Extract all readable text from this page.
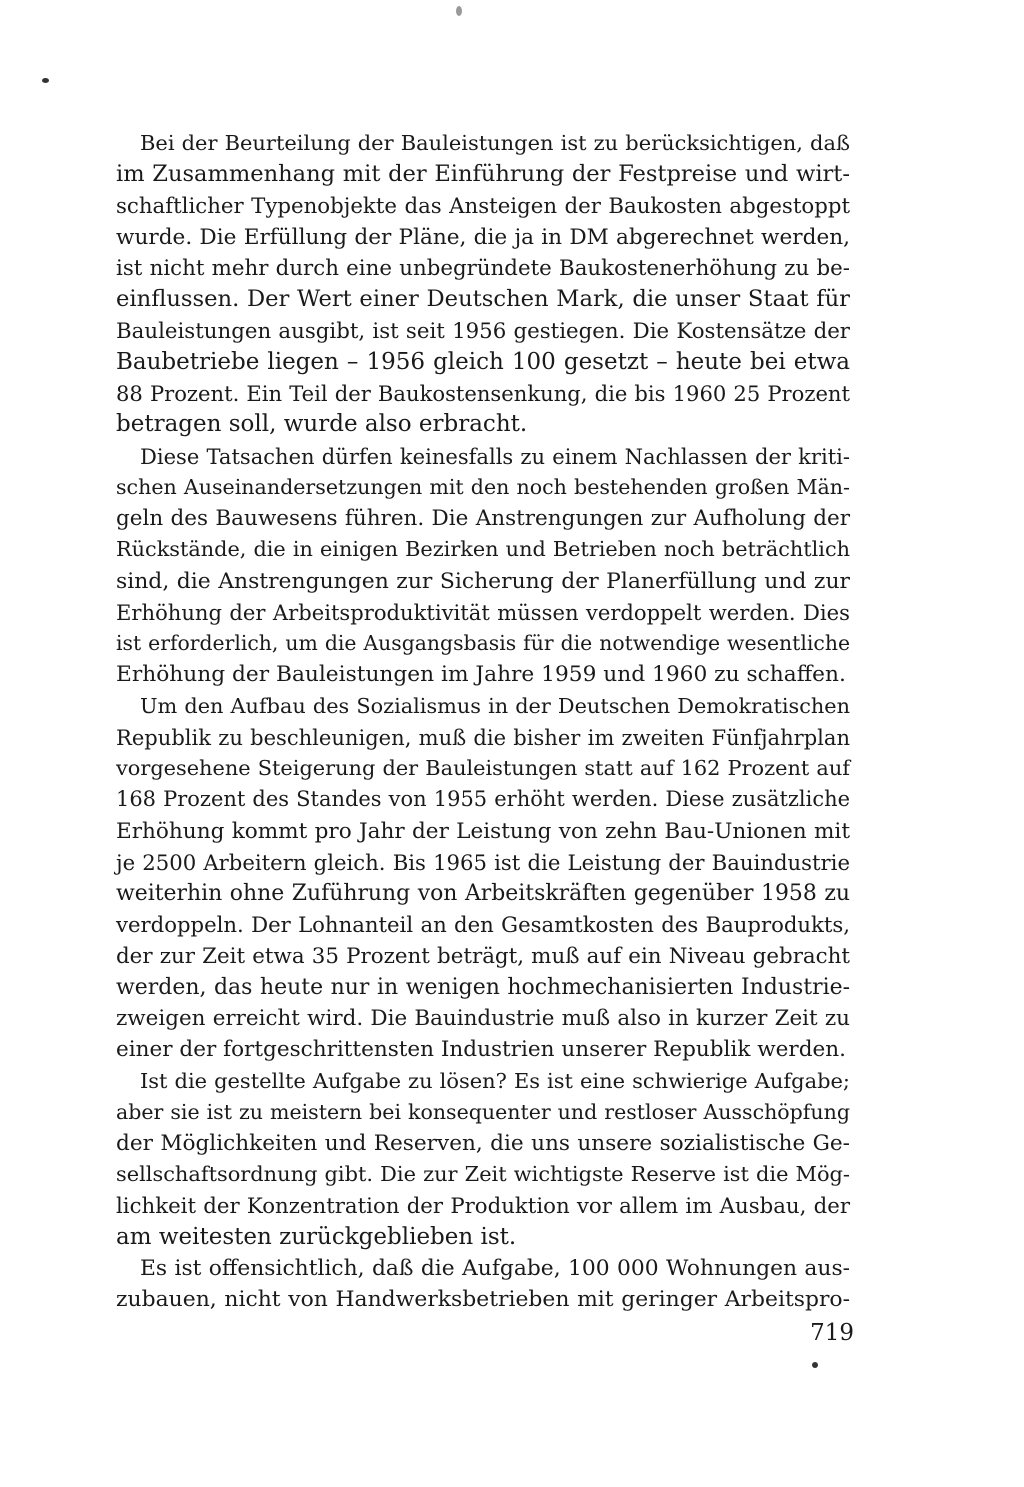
Bei der Beurteilung der Bauleistungen ist zu berücksichtigen, daß
im Zusammenhang mit der Einführung der Festpreise und wirt-
schaftlicher Typenobjekte das Ansteigen der Baukosten abgestoppt
wurde. Die Erfüllung der Pläne, die ja in DM abgerechnet werden,
ist nicht mehr durch eine unbegründete Baukostenerhöhung zu be-
einflussen. Der Wert einer Deutschen Mark, die unser Staat für
Bauleistungen ausgibt, ist seit 1956 gestiegen. Die Kostensätze der
Baubetriebe liegen – 1956 gleich 100 gesetzt – heute bei etwa
88 Prozent. Ein Teil der Baukostensenkung, die bis 1960 25 Prozent
betragen soll, wurde also erbracht.
Diese Tatsachen dürfen keinesfalls zu einem Nachlassen der kriti-
schen Auseinandersetzungen mit den noch bestehenden großen Män-
geln des Bauwesens führen. Die Anstrengungen zur Aufholung der
Rückstände, die in einigen Bezirken und Betrieben noch beträchtlich
sind, die Anstrengungen zur Sicherung der Planerfüllung und zur
Erhöhung der Arbeitsproduktivität müssen verdoppelt werden. Dies
ist erforderlich, um die Ausgangsbasis für die notwendige wesentliche
Erhöhung der Bauleistungen im Jahre 1959 und 1960 zu schaffen.
Um den Aufbau des Sozialismus in der Deutschen Demokratischen
Republik zu beschleunigen, muß die bisher im zweiten Fünfjahrplan
vorgesehene Steigerung der Bauleistungen statt auf 162 Prozent auf
168 Prozent des Standes von 1955 erhöht werden. Diese zusätzliche
Erhöhung kommt pro Jahr der Leistung von zehn Bau-Unionen mit
je 2500 Arbeitern gleich. Bis 1965 ist die Leistung der Bauindustrie
weiterhin ohne Zuführung von Arbeitskräften gegenüber 1958 zu
verdoppeln. Der Lohnanteil an den Gesamtkosten des Bauprodukts,
der zur Zeit etwa 35 Prozent beträgt, muß auf ein Niveau gebracht
werden, das heute nur in wenigen hochmechanisierten Industrie-
zweigen erreicht wird. Die Bauindustrie muß also in kurzer Zeit zu
einer der fortgeschrittensten Industrien unserer Republik werden.
Ist die gestellte Aufgabe zu lösen? Es ist eine schwierige Aufgabe;
aber sie ist zu meistern bei konsequenter und restloser Ausschöpfung
der Möglichkeiten und Reserven, die uns unsere sozialistische Ge-
sellschaftsordnung gibt. Die zur Zeit wichtigste Reserve ist die Mög-
lichkeit der Konzentration der Produktion vor allem im Ausbau, der
am weitesten zurückgeblieben ist.
Es ist offensichtlich, daß die Aufgabe, 100 000 Wohnungen aus-
zubauen, nicht von Handwerksbetrieben mit geringer Arbeitspro-
719
